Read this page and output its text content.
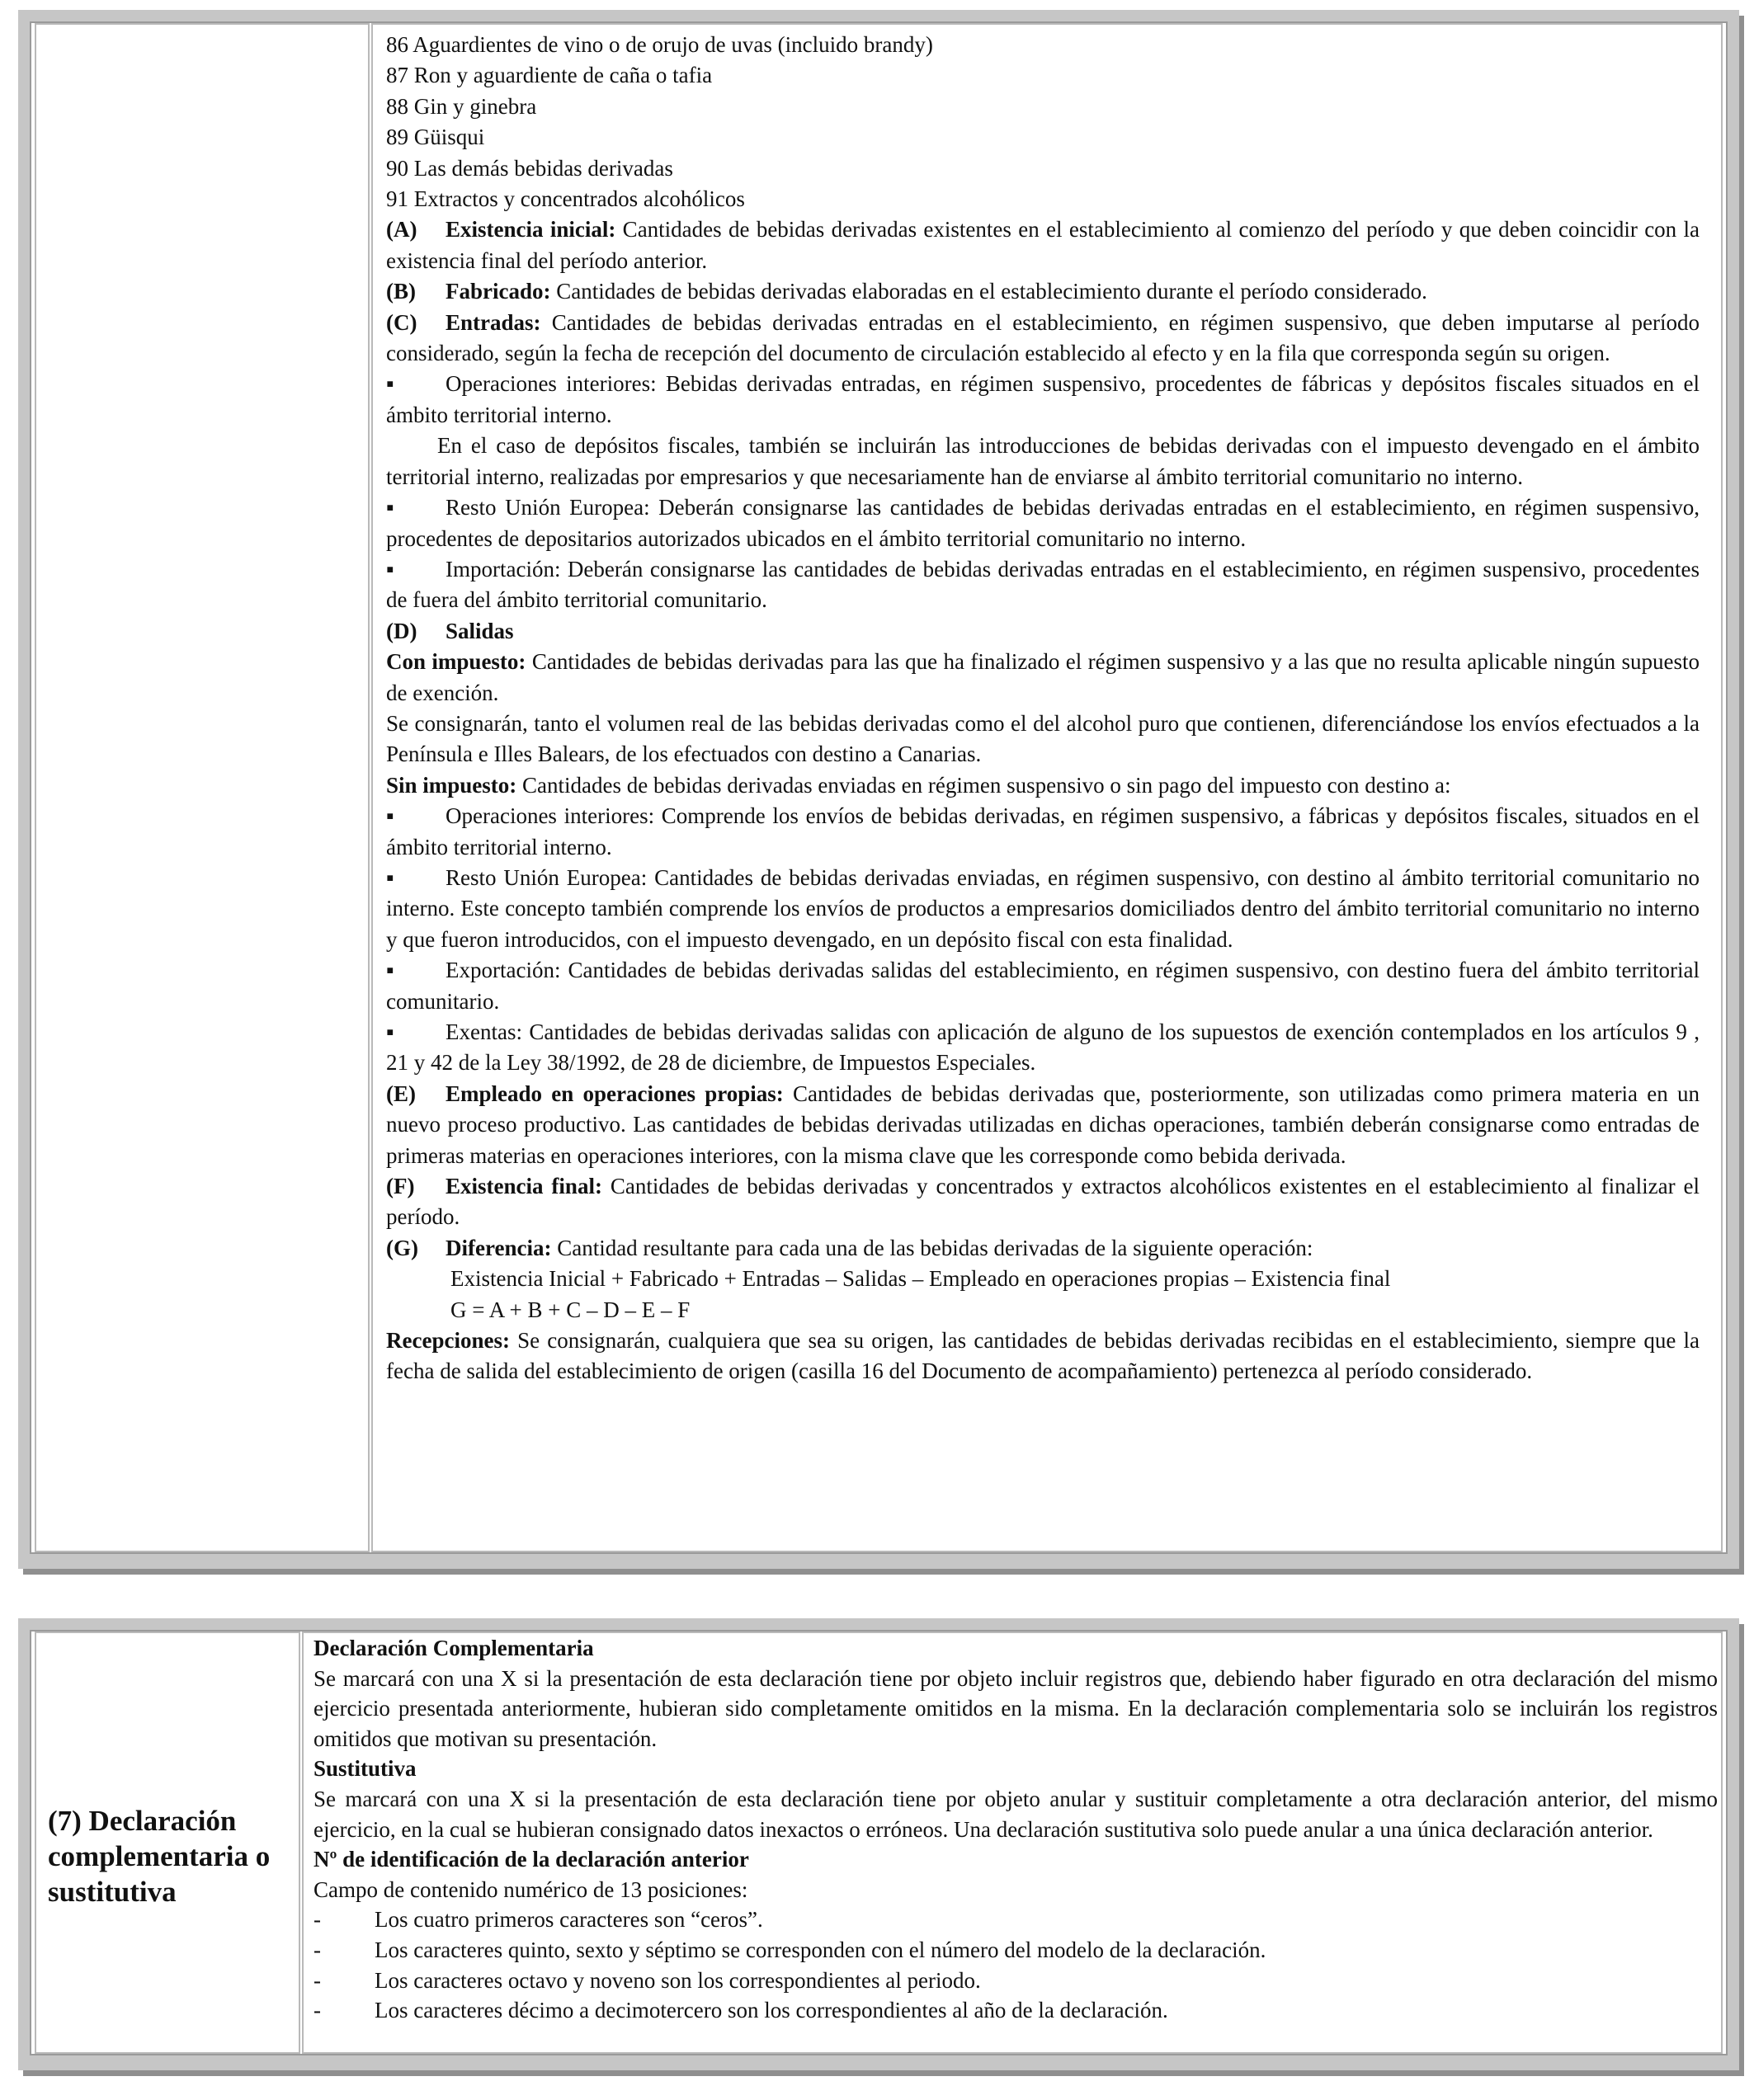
86 Aguardientes de vino o de orujo de uvas (incluido brandy)
87 Ron y aguardiente de caña o tafia
88 Gin y ginebra
89 Güisqui
90 Las demás bebidas derivadas
91 Extractos y concentrados alcohólicos

(A) Existencia inicial: Cantidades de bebidas derivadas existentes en el establecimiento al comienzo del período y que deben coincidir con la existencia final del período anterior.

(B) Fabricado: Cantidades de bebidas derivadas elaboradas en el establecimiento durante el período considerado.

(C) Entradas: Cantidades de bebidas derivadas entradas en el establecimiento, en régimen suspensivo, que deben imputarse al período considerado, según la fecha de recepción del documento de circulación establecido al efecto y en la fila que corresponda según su origen.

▪ Operaciones interiores: Bebidas derivadas entradas, en régimen suspensivo, procedentes de fábricas y depósitos fiscales situados en el ámbito territorial interno.

En el caso de depósitos fiscales, también se incluirán las introducciones de bebidas derivadas con el impuesto devengado en el ámbito territorial interno, realizadas por empresarios y que necesariamente han de enviarse al ámbito territorial comunitario no interno.

▪ Resto Unión Europea: Deberán consignarse las cantidades de bebidas derivadas entradas en el establecimiento, en régimen suspensivo, procedentes de depositarios autorizados ubicados en el ámbito territorial comunitario no interno.

▪ Importación: Deberán consignarse las cantidades de bebidas derivadas entradas en el establecimiento, en régimen suspensivo, procedentes de fuera del ámbito territorial comunitario.

(D) Salidas

Con impuesto: Cantidades de bebidas derivadas para las que ha finalizado el régimen suspensivo y a las que no resulta aplicable ningún supuesto de exención.

Se consignarán, tanto el volumen real de las bebidas derivadas como el del alcohol puro que contienen, diferenciándose los envíos efectuados a la Península e Illes Balears, de los efectuados con destino a Canarias.

Sin impuesto: Cantidades de bebidas derivadas enviadas en régimen suspensivo o sin pago del impuesto con destino a:

▪ Operaciones interiores: Comprende los envíos de bebidas derivadas, en régimen suspensivo, a fábricas y depósitos fiscales, situados en el ámbito territorial interno.

▪ Resto Unión Europea: Cantidades de bebidas derivadas enviadas, en régimen suspensivo, con destino al ámbito territorial comunitario no interno. Este concepto también comprende los envíos de productos a empresarios domiciliados dentro del ámbito territorial comunitario no interno y que fueron introducidos, con el impuesto devengado, en un depósito fiscal con esta finalidad.

▪ Exportación: Cantidades de bebidas derivadas salidas del establecimiento, en régimen suspensivo, con destino fuera del ámbito territorial comunitario.

▪ Exentas: Cantidades de bebidas derivadas salidas con aplicación de alguno de los supuestos de exención contemplados en los artículos 9 , 21 y 42 de la Ley 38/1992, de 28 de diciembre, de Impuestos Especiales.

(E) Empleado en operaciones propias: Cantidades de bebidas derivadas que, posteriormente, son utilizadas como primera materia en un nuevo proceso productivo. Las cantidades de bebidas derivadas utilizadas en dichas operaciones, también deberán consignarse como entradas de primeras materias en operaciones interiores, con la misma clave que les corresponde como bebida derivada.

(F) Existencia final: Cantidades de bebidas derivadas y concentrados y extractos alcohólicos existentes en el establecimiento al finalizar el período.

(G) Diferencia: Cantidad resultante para cada una de las bebidas derivadas de la siguiente operación:

Existencia Inicial + Fabricado + Entradas – Salidas – Empleado en operaciones propias – Existencia final

G = A + B + C – D – E – F

Recepciones: Se consignarán, cualquiera que sea su origen, las cantidades de bebidas derivadas recibidas en el establecimiento, siempre que la fecha de salida del establecimiento de origen (casilla 16 del Documento de acompañamiento) pertenezca al período considerado.

(7) Declaración complementaria o sustitutiva

Declaración Complementaria

Se marcará con una X si la presentación de esta declaración tiene por objeto incluir registros que, debiendo haber figurado en otra declaración del mismo ejercicio presentada anteriormente, hubieran sido completamente omitidos en la misma. En la declaración complementaria solo se incluirán los registros omitidos que motivan su presentación.

Sustitutiva

Se marcará con una X si la presentación de esta declaración tiene por objeto anular y sustituir completamente a otra declaración anterior, del mismo ejercicio, en la cual se hubieran consignado datos inexactos o erróneos. Una declaración sustitutiva solo puede anular a una única declaración anterior.

Nº de identificación de la declaración anterior

Campo de contenido numérico de 13 posiciones:

- Los cuatro primeros caracteres son “ceros”.

- Los caracteres quinto, sexto y séptimo se corresponden con el número del modelo de la declaración.

- Los caracteres octavo y noveno son los correspondientes al periodo.

- Los caracteres décimo a decimotercero son los correspondientes al año de la declaración.
